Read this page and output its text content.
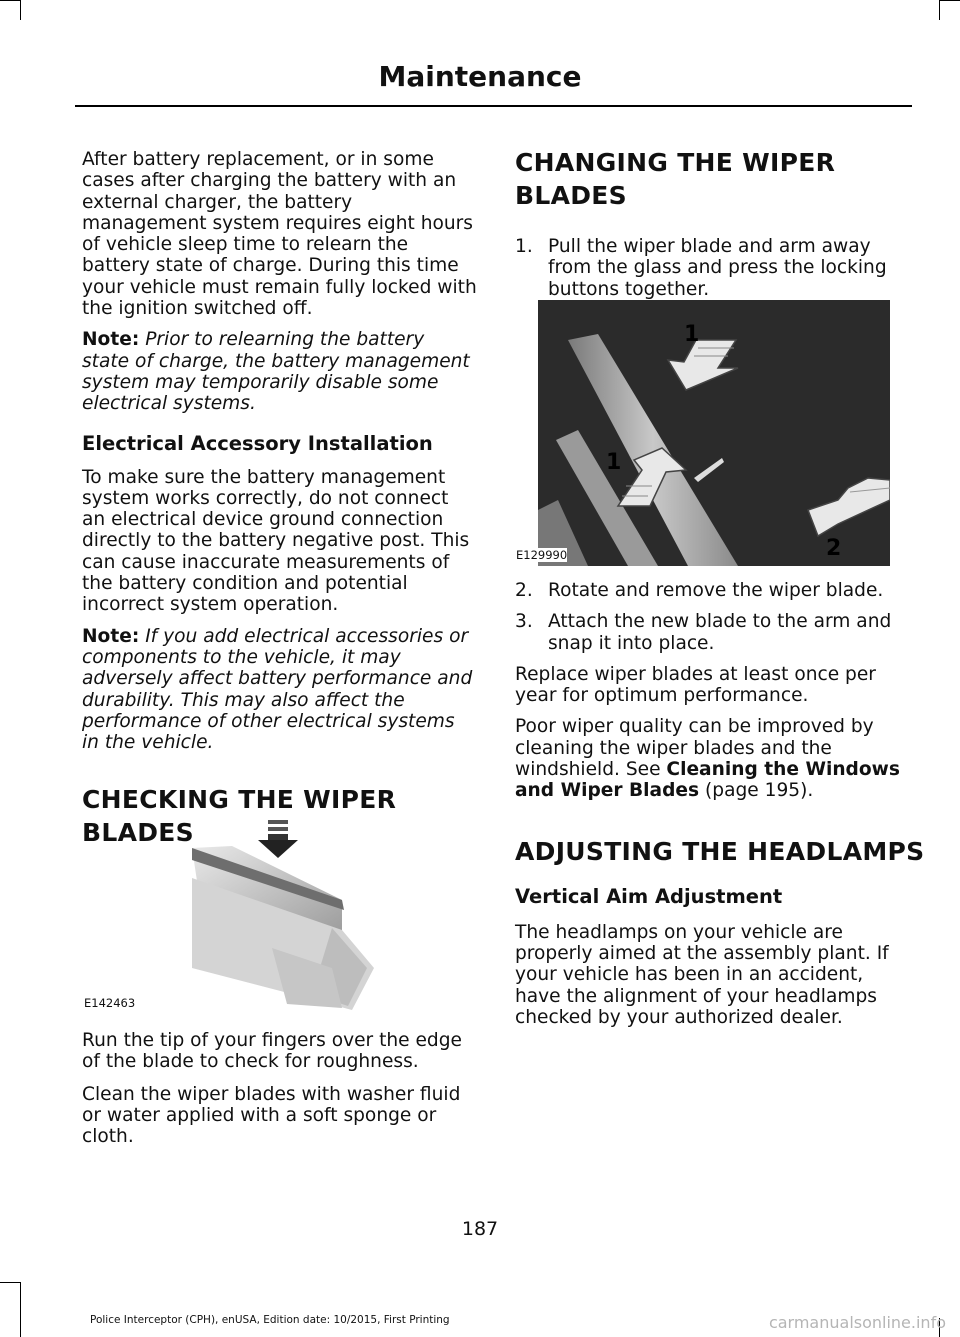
Maintenance

After battery replacement, or in some cases after charging the battery with an external charger, the battery management system requires eight hours of vehicle sleep time to relearn the battery state of charge. During this time your vehicle must remain fully locked with the ignition switched off.

Note: Prior to relearning the battery state of charge, the battery management system may temporarily disable some electrical systems.

Electrical Accessory Installation

To make sure the battery management system works correctly, do not connect an electrical device ground connection directly to the battery negative post. This can cause inaccurate measurements of the battery condition and potential incorrect system operation.

Note: If you add electrical accessories or components to the vehicle, it may adversely affect battery performance and durability. This may also affect the performance of other electrical systems in the vehicle.

CHECKING THE WIPER BLADES
E142463

Run the tip of your fingers over the edge of the blade to check for roughness.

Clean the wiper blades with washer fluid or water applied with a soft sponge or cloth.

CHANGING THE WIPER BLADES
1. Pull the wiper blade and arm away from the glass and press the locking buttons together.
1
1
2
E129990
2. Rotate and remove the wiper blade.
3. Attach the new blade to the arm and snap it into place.

Replace wiper blades at least once per year for optimum performance.

Poor wiper quality can be improved by cleaning the wiper blades and the windshield. See Cleaning the Windows and Wiper Blades (page 195).

ADJUSTING THE HEADLAMPS
Vertical Aim Adjustment

The headlamps on your vehicle are properly aimed at the assembly plant. If your vehicle has been in an accident, have the alignment of your headlamps checked by your authorized dealer.

187
Police Interceptor (CPH), enUSA, Edition date: 10/2015, First Printing	carmanualsonline.info
